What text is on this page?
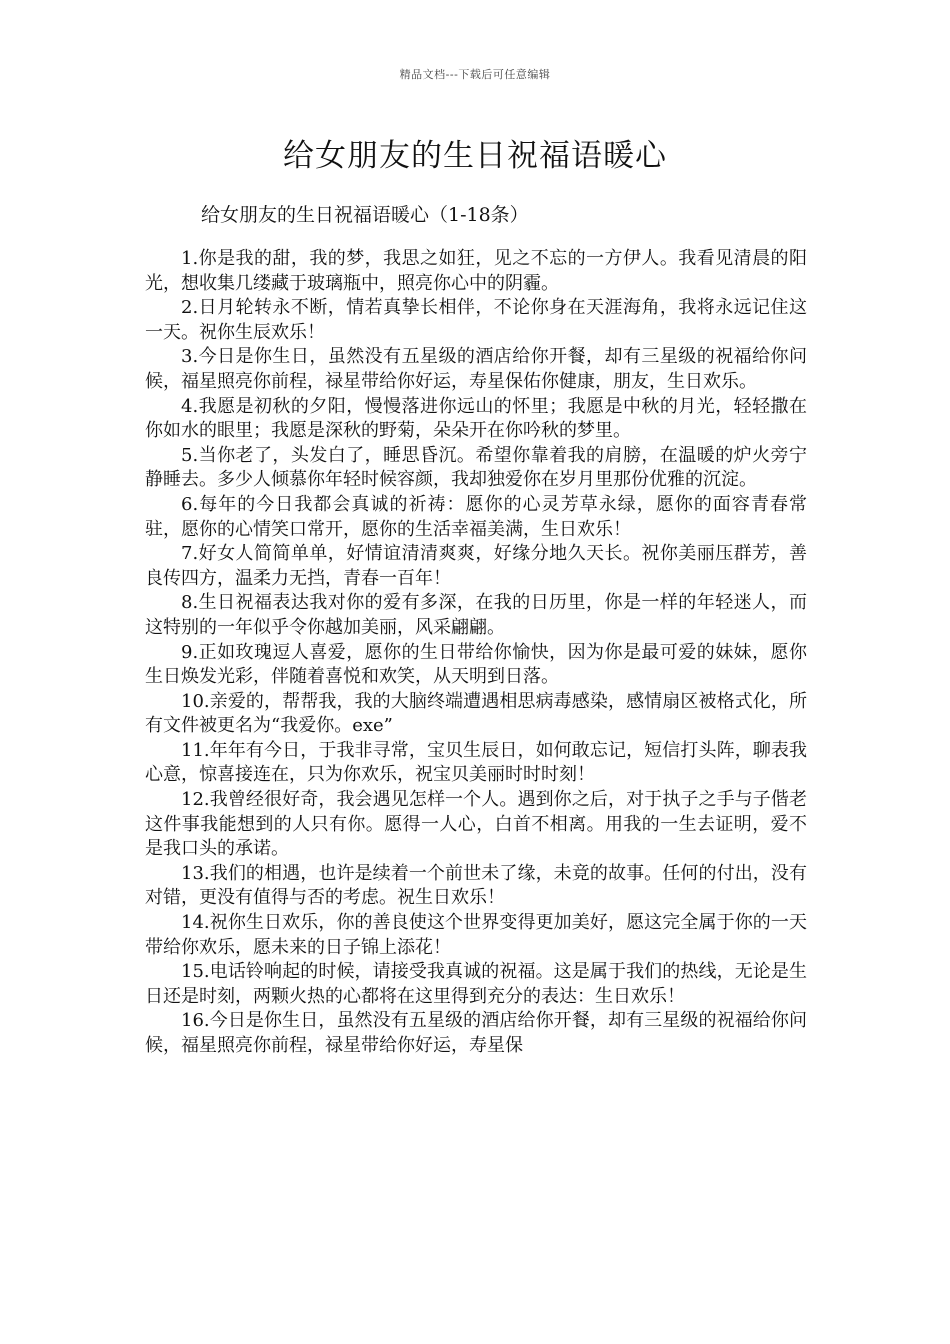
精品文档---下载后可任意编辑
给女朋友的生日祝福语暖心
给女朋友的生日祝福语暖心（1-18条）

1.你是我的甜，我的梦，我思之如狂，见之不忘的一方伊人。我看见清晨的阳光，想收集几缕藏于玻璃瓶中，照亮你心中的阴霾。

2.日月轮转永不断，情若真挚长相伴，不论你身在天涯海角，我将永远记住这一天。祝你生辰欢乐！

3.今日是你生日，虽然没有五星级的酒店给你开餐，却有三星级的祝福给你问候，福星照亮你前程，禄星带给你好运，寿星保佑你健康，朋友，生日欢乐。

4.我愿是初秋的夕阳，慢慢落进你远山的怀里；我愿是中秋的月光，轻轻撒在你如水的眼里；我愿是深秋的野菊，朵朵开在你吟秋的梦里。

5.当你老了，头发白了，睡思昏沉。希望你靠着我的肩膀，在温暖的炉火旁宁静睡去。多少人倾慕你年轻时候容颜，我却独爱你在岁月里那份优雅的沉淀。

6.每年的今日我都会真诚的祈祷：愿你的心灵芳草永绿，愿你的面容青春常驻，愿你的心情笑口常开，愿你的生活幸福美满，生日欢乐！

7.好女人简简单单，好情谊清清爽爽，好缘分地久天长。祝你美丽压群芳，善良传四方，温柔力无挡，青春一百年！

8.生日祝福表达我对你的爱有多深，在我的日历里，你是一样的年轻迷人，而这特别的一年似乎令你越加美丽，风采翩翩。

9.正如玫瑰逗人喜爱，愿你的生日带给你愉快，因为你是最可爱的妹妹，愿你生日焕发光彩，伴随着喜悦和欢笑，从天明到日落。

10.亲爱的，帮帮我，我的大脑终端遭遇相思病毒感染，感情扇区被格式化，所有文件被更名为“我爱你。exe”

11.年年有今日，于我非寻常，宝贝生辰日，如何敢忘记，短信打头阵，聊表我心意，惊喜接连在，只为你欢乐，祝宝贝美丽时时时刻！

12.我曾经很好奇，我会遇见怎样一个人。遇到你之后，对于执子之手与子偕老这件事我能想到的人只有你。愿得一人心，白首不相离。用我的一生去证明，爱不是我口头的承诺。

13.我们的相遇，也许是续着一个前世未了缘，未竟的故事。任何的付出，没有对错，更没有值得与否的考虑。祝生日欢乐！

14.祝你生日欢乐，你的善良使这个世界变得更加美好，愿这完全属于你的一天带给你欢乐，愿未来的日子锦上添花！

15.电话铃响起的时候，请接受我真诚的祝福。这是属于我们的热线，无论是生日还是时刻，两颗火热的心都将在这里得到充分的表达：生日欢乐！

16.今日是你生日，虽然没有五星级的酒店给你开餐，却有三星级的祝福给你问候，福星照亮你前程，禄星带给你好运，寿星保
